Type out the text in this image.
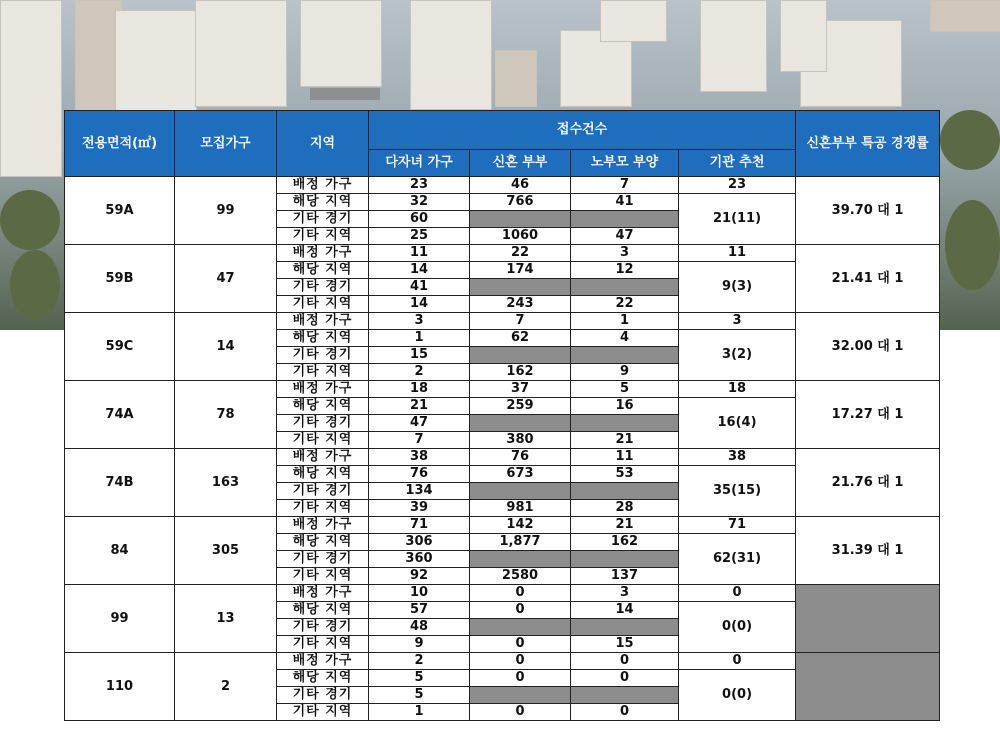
전용면적(㎡)	모집가구	지역	접수건수				신혼부부 특공 경쟁률
			다자녀 가구	신혼 부부	노부모 부양	기관 추천	
59A	99	배정 가구	23	46	7	23	39.70 대 1
		해당 지역	32	766	41	21(11)	
		기타 경기	60				
		기타 지역	25	1060	47		
59B	47	배정 가구	11	22	3	11	21.41 대 1
		해당 지역	14	174	12	9(3)	
		기타 경기	41				
		기타 지역	14	243	22		
59C	14	배정 가구	3	7	1	3	32.00 대 1
		해당 지역	1	62	4	3(2)	
		기타 경기	15				
		기타 지역	2	162	9		
74A	78	배정 가구	18	37	5	18	17.27 대 1
		해당 지역	21	259	16	16(4)	
		기타 경기	47				
		기타 지역	7	380	21		
74B	163	배정 가구	38	76	11	38	21.76 대 1
		해당 지역	76	673	53	35(15)	
		기타 경기	134				
		기타 지역	39	981	28		
84	305	배정 가구	71	142	21	71	31.39 대 1
		해당 지역	306	1,877	162	62(31)	
		기타 경기	360				
		기타 지역	92	2580	137		
99	13	배정 가구	10	0	3	0	
		해당 지역	57	0	14	0(0)	
		기타 경기	48				
		기타 지역	9	0	15		
110	2	배정 가구	2	0	0	0	
		해당 지역	5	0	0	0(0)	
		기타 경기	5				
		기타 지역	1	0	0		
